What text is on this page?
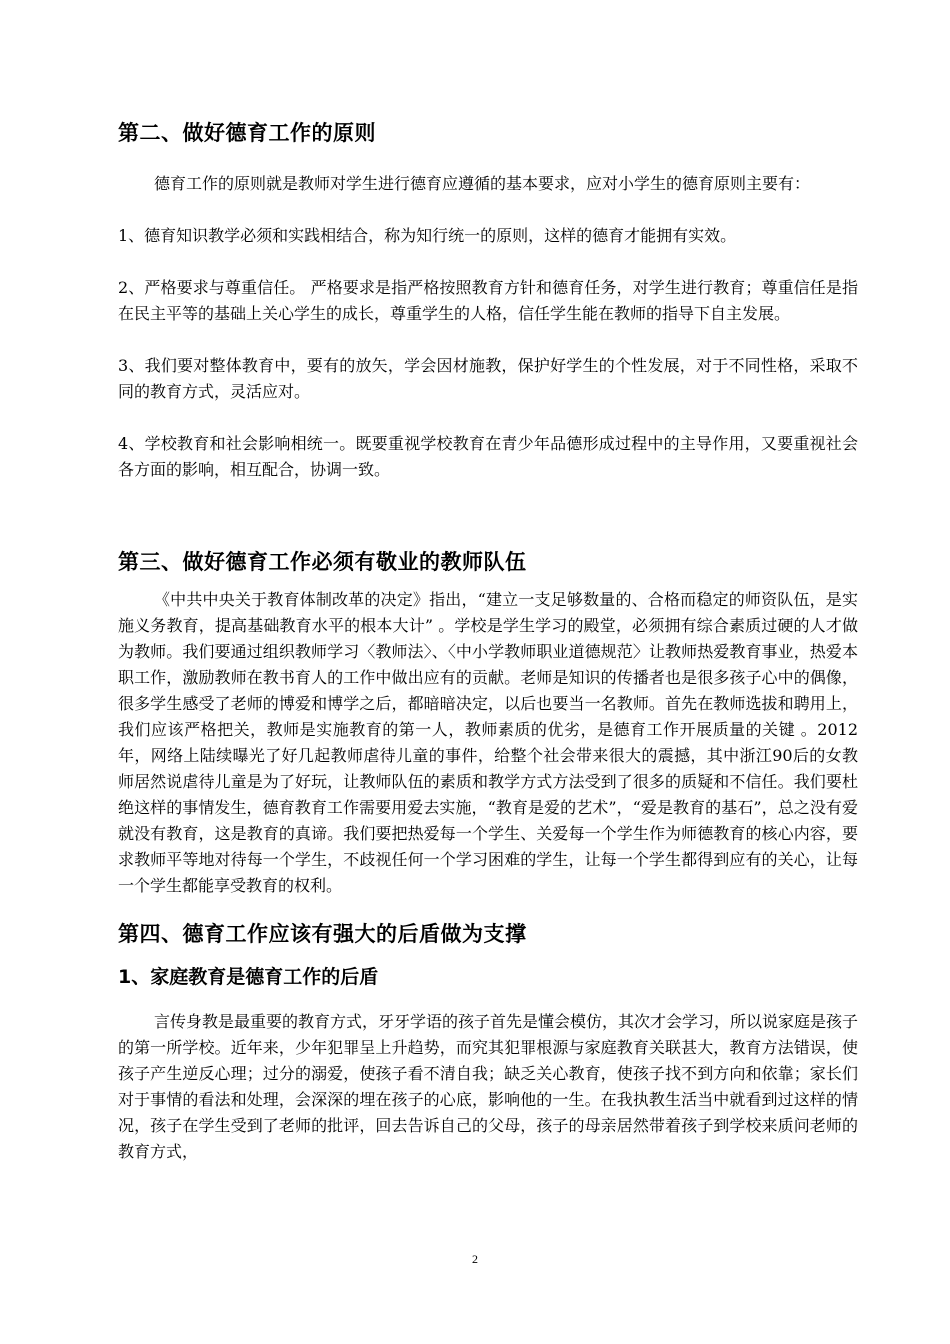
第二、做好德育工作的原则

德育工作的原则就是教师对学生进行德育应遵循的基本要求，应对小学生的德育原则主要有：

1、德育知识教学必须和实践相结合，称为知行统一的原则，这样的德育才能拥有实效。

2、严格要求与尊重信任。 严格要求是指严格按照教育方针和德育任务，对学生进行教育；尊重信任是指在民主平等的基础上关心学生的成长，尊重学生的人格，信任学生能在教师的指导下自主发展。

3、我们要对整体教育中，要有的放矢，学会因材施教，保护好学生的个性发展，对于不同性格，采取不同的教育方式，灵活应对。

4、学校教育和社会影响相统一。既要重视学校教育在青少年品德形成过程中的主导作用，又要重视社会各方面的影响，相互配合，协调一致。

第三、做好德育工作必须有敬业的教师队伍

《中共中央关于教育体制改革的决定》指出，“建立一支足够数量的、合格而稳定的师资队伍，是实施义务教育，提高基础教育水平的根本大计” 。学校是学生学习的殿堂，必须拥有综合素质过硬的人才做为教师。我们要通过组织教师学习〈教师法〉、〈中小学教师职业道德规范〉让教师热爱教育事业，热爱本职工作，激励教师在教书育人的工作中做出应有的贡献。老师是知识的传播者也是很多孩子心中的偶像，很多学生感受了老师的博爱和博学之后，都暗暗决定，以后也要当一名教师。首先在教师选拔和聘用上，我们应该严格把关，教师是实施教育的第一人，教师素质的优劣，是德育工作开展质量的关键 。2012年，网络上陆续曝光了好几起教师虐待儿童的事件，给整个社会带来很大的震撼，其中浙江90后的女教师居然说虐待儿童是为了好玩，让教师队伍的素质和教学方式方法受到了很多的质疑和不信任。我们要杜绝这样的事情发生，德育教育工作需要用爱去实施，“教育是爱的艺术”，“爱是教育的基石”，总之没有爱就没有教育，这是教育的真谛。我们要把热爱每一个学生、关爱每一个学生作为师德教育的核心内容，要求教师平等地对待每一个学生，不歧视任何一个学习困难的学生，让每一个学生都得到应有的关心，让每一个学生都能享受教育的权利。

第四、德育工作应该有强大的后盾做为支撑
1、家庭教育是德育工作的后盾

言传身教是最重要的教育方式，牙牙学语的孩子首先是懂会模仿，其次才会学习，所以说家庭是孩子的第一所学校。近年来，少年犯罪呈上升趋势，而究其犯罪根源与家庭教育关联甚大，教育方法错误，使孩子产生逆反心理；过分的溺爱，使孩子看不清自我；缺乏关心教育，使孩子找不到方向和依靠；家长们对于事情的看法和处理，会深深的埋在孩子的心底，影响他的一生。在我执教生活当中就看到过这样的情况，孩子在学生受到了老师的批评，回去告诉自己的父母，孩子的母亲居然带着孩子到学校来质问老师的教育方式，

2
